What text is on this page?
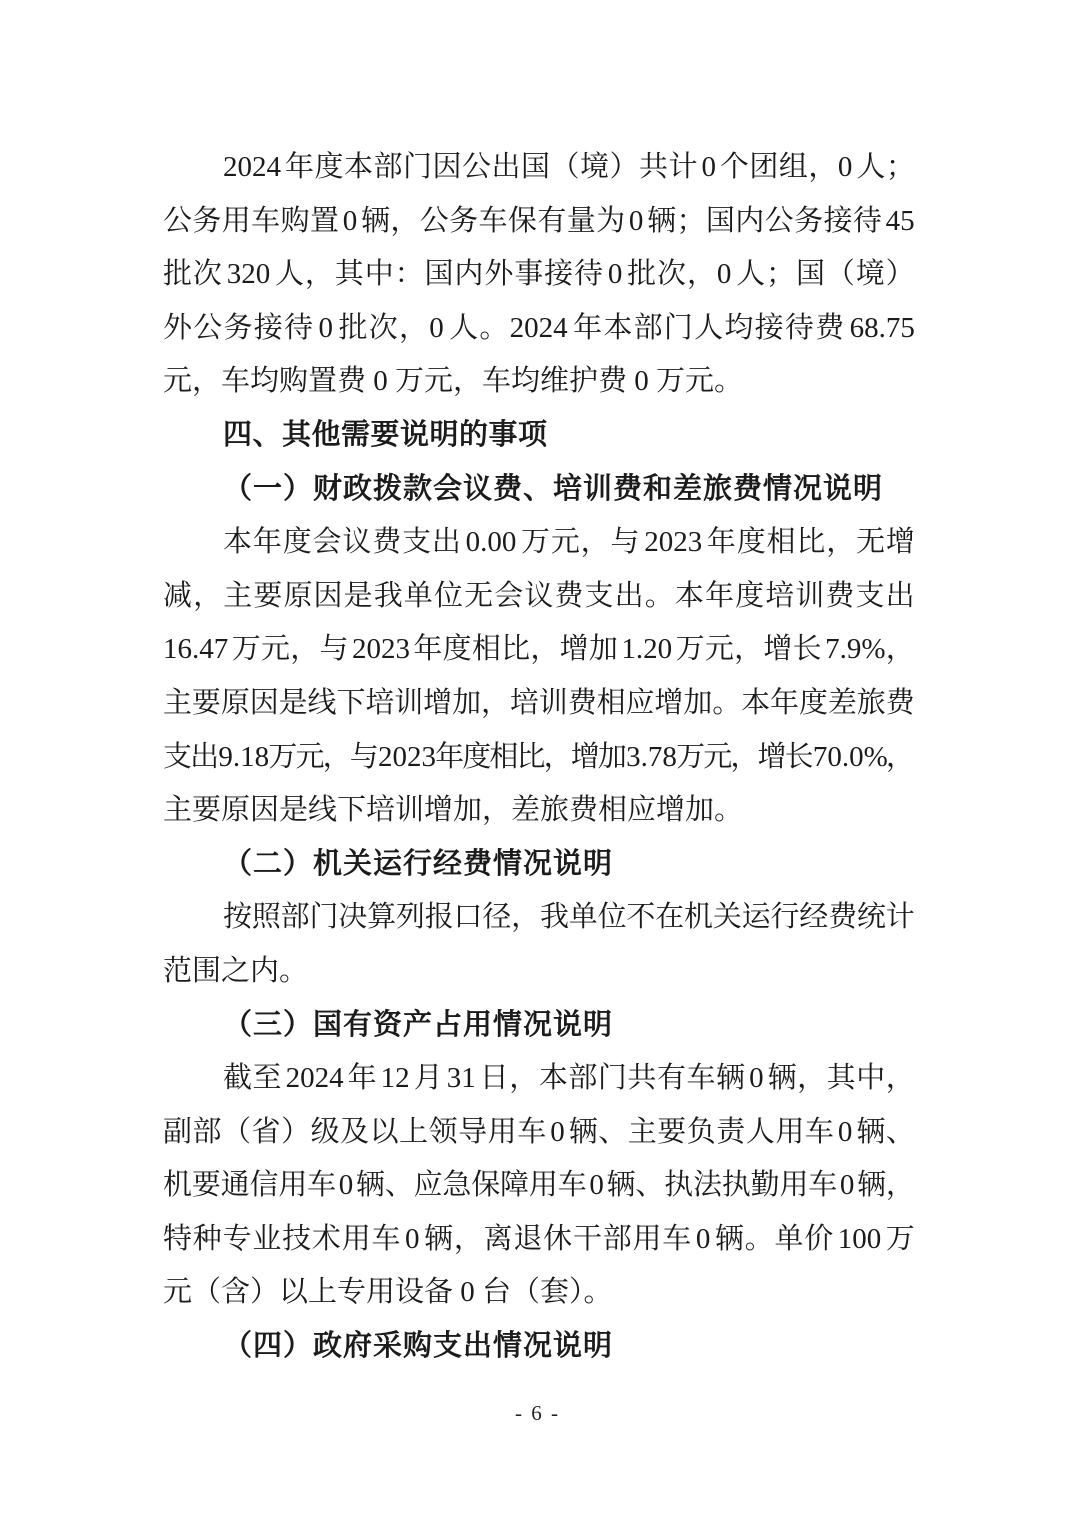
2024 年 度 本 部 门 因 公 出 国 （ 境 ） 共 计 0 个 团 组 ， 0 人 ；
公 务 用 车 购 置 0 辆 ， 公 务 车 保 有 量 为 0 辆 ； 国 内 公 务 接 待 45
批 次 320 人 ， 其 中 ： 国 内 外 事 接 待 0 批 次 ， 0 人 ； 国 （ 境 ）
外 公 务 接 待 0 批 次 ， 0 人 。 2024 年 本 部 门 人 均 接 待 费 68.75
元，车均购置费 0 万元，车均维护费 0 万元。
四、其他需要说明的事项
（一）财政拨款会议费、培训费和差旅费情况说明
本 年 度 会 议 费 支 出 0.00 万 元 ， 与 2023 年 度 相 比 ， 无 增
减 ， 主 要 原 因 是 我 单 位 无 会 议 费 支 出 。 本 年 度 培 训 费 支 出
16.47 万 元 ， 与 2023 年 度 相 比 ， 增 加 1.20 万 元 ， 增 长 7.9% ，
主 要 原 因 是 线 下 培 训 增 加 ， 培 训 费 相 应 增 加 。 本 年 度 差 旅 费
支
出 9.18 万
元
，
与 2023 年
度
相
比
，
增
加 3.78 万
元
，
增
长 70.0%
，
主要原因是线下培训增加，差旅费相应增加。
（二）机关运行经费情况说明
按 照 部 门 决 算 列 报 口 径 ， 我 单 位 不 在 机 关 运 行 经 费 统 计
范围之内。
（三）国有资产占用情况说明
截 至 2024 年 12 月 31 日 ， 本 部 门 共 有 车 辆 0 辆 ， 其 中 ，
副 部 （ 省 ） 级 及 以 上 领 导 用 车 0 辆 、 主 要 负 责 人 用 车 0 辆 、
机 要 通 信 用 车 0 辆 、 应 急 保 障 用 车 0 辆 、 执 法 执 勤 用 车 0 辆 ，
特 种 专 业 技 术 用 车 0 辆 ， 离 退 休 干 部 用 车 0 辆 。 单 价 100 万
元（含）以上专用设备 0 台（套）。
（四）政府采购支出情况说明
- 6 -
